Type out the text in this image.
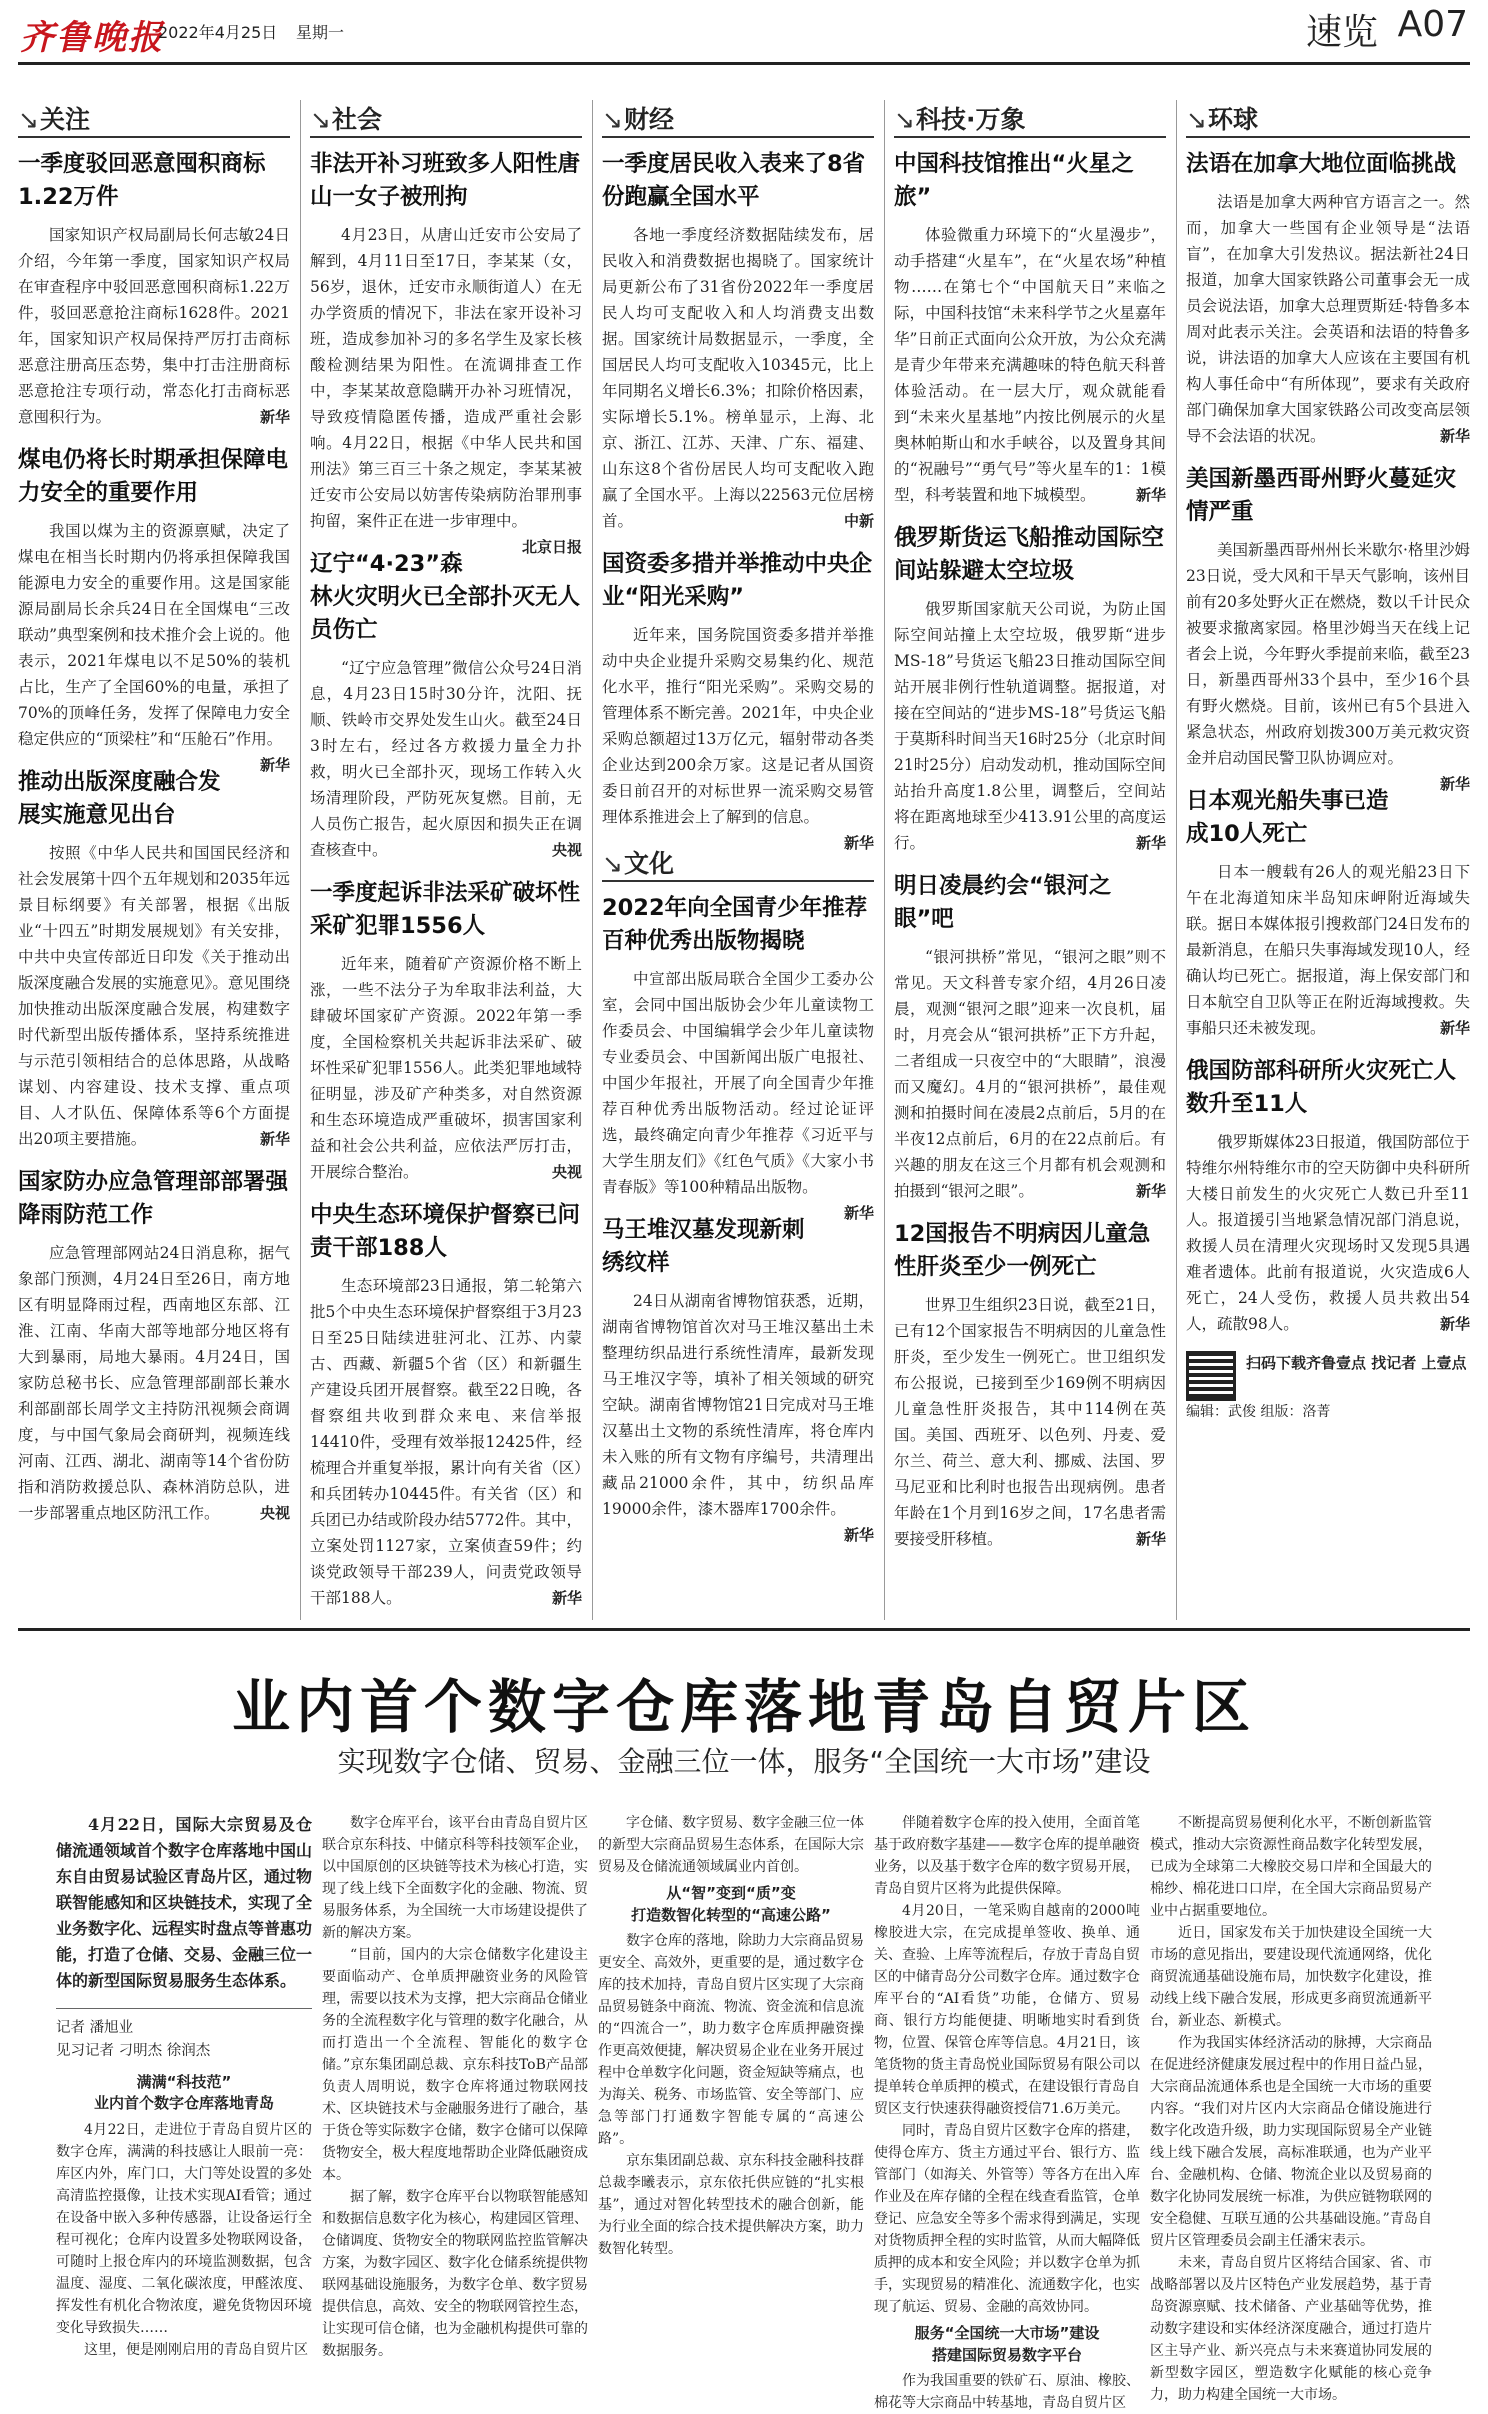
齐鲁晚报
2022年4月25日 星期一	速览 A07
↘关注
一季度驳回恶意囤积商标1.22万件

国家知识产权局副局长何志敏24日介绍，今年第一季度，国家知识产权局在审查程序中驳回恶意囤积商标1.22万件，驳回恶意抢注商标1628件。2021年，国家知识产权局保持严厉打击商标恶意注册高压态势，集中打击注册商标恶意抢注专项行动，常态化打击商标恶意囤积行为。	新华

煤电仍将长时期承担保障电力安全的重要作用

我国以煤为主的资源禀赋，决定了煤电在相当长时期内仍将承担保障我国能源电力安全的重要作用。这是国家能源局副局长余兵24日在全国煤电“三改联动”典型案例和技术推介会上说的。他表示，2021年煤电以不足50%的装机占比，生产了全国60%的电量，承担了70%的顶峰任务，发挥了保障电力安全稳定供应的“顶梁柱”和“压舱石”作用。
新华

推动出版深度融合发展实施意见出台

按照《中华人民共和国国民经济和社会发展第十四个五年规划和2035年远景目标纲要》有关部署，根据《出版业“十四五”时期发展规划》有关安排，中共中央宣传部近日印发《关于推动出版深度融合发展的实施意见》。意见围绕加快推动出版深度融合发展，构建数字时代新型出版传播体系，坚持系统推进与示范引领相结合的总体思路，从战略谋划、内容建设、技术支撑、重点项目、人才队伍、保障体系等6个方面提出20项主要措施。	新华

国家防办应急管理部部署强降雨防范工作

应急管理部网站24日消息称，据气象部门预测，4月24日至26日，南方地区有明显降雨过程，西南地区东部、江淮、江南、华南大部等地部分地区将有大到暴雨，局地大暴雨。4月24日，国家防总秘书长、应急管理部副部长兼水利部副部长周学文主持防汛视频会商调度，与中国气象局会商研判，视频连线河南、江西、湖北、湖南等14个省份防指和消防救援总队、森林消防总队，进一步部署重点地区防汛工作。	央视

↘社会
非法开补习班致多人阳性唐山一女子被刑拘

4月23日，从唐山迁安市公安局了解到，4月11日至17日，李某某（女，56岁，退休，迁安市永顺街道人）在无办学资质的情况下，非法在家开设补习班，造成参加补习的多名学生及家长核酸检测结果为阳性。在流调排查工作中，李某某故意隐瞒开办补习班情况，导致疫情隐匿传播，造成严重社会影响。4月22日，根据《中华人民共和国刑法》第三百三十条之规定，李某某被迁安市公安局以妨害传染病防治罪刑事拘留，案件正在进一步审理中。
北京日报

辽宁“4·23”森林火灾明火已全部扑灭无人员伤亡

“辽宁应急管理”微信公众号24日消息，4月23日15时30分许，沈阳、抚顺、铁岭市交界处发生山火。截至24日3时左右，经过各方救援力量全力扑救，明火已全部扑灭，现场工作转入火场清理阶段，严防死灰复燃。目前，无人员伤亡报告，起火原因和损失正在调查核查中。	央视

一季度起诉非法采矿破坏性采矿犯罪1556人

近年来，随着矿产资源价格不断上涨，一些不法分子为牟取非法利益，大肆破坏国家矿产资源。2022年第一季度，全国检察机关共起诉非法采矿、破坏性采矿犯罪1556人。此类犯罪地域特征明显，涉及矿产种类多，对自然资源和生态环境造成严重破坏，损害国家利益和社会公共利益，应依法严厉打击，开展综合整治。	央视

中央生态环境保护督察已问责干部188人

生态环境部23日通报，第二轮第六批5个中央生态环境保护督察组于3月23日至25日陆续进驻河北、江苏、内蒙古、西藏、新疆5个省（区）和新疆生产建设兵团开展督察。截至22日晚，各督察组共收到群众来电、来信举报14410件，受理有效举报12425件，经梳理合并重复举报，累计向有关省（区）和兵团转办10445件。有关省（区）和兵团已办结或阶段办结5772件。其中，立案处罚1127家，立案侦查59件；约谈党政领导干部239人，问责党政领导干部188人。	新华

↘财经
一季度居民收入表来了8省份跑赢全国水平

各地一季度经济数据陆续发布，居民收入和消费数据也揭晓了。国家统计局更新公布了31省份2022年一季度居民人均可支配收入和人均消费支出数据。国家统计局数据显示，一季度，全国居民人均可支配收入10345元，比上年同期名义增长6.3%；扣除价格因素，实际增长5.1%。榜单显示，上海、北京、浙江、江苏、天津、广东、福建、山东这8个省份居民人均可支配收入跑赢了全国水平。上海以22563元位居榜首。	中新

国资委多措并举推动中央企业“阳光采购”

近年来，国务院国资委多措并举推动中央企业提升采购交易集约化、规范化水平，推行“阳光采购”。采购交易的管理体系不断完善。2021年，中央企业采购总额超过13万亿元，辐射带动各类企业达到200余万家。这是记者从国资委日前召开的对标世界一流采购交易管理体系推进会上了解到的信息。
新华

↘文化
2022年向全国青少年推荐百种优秀出版物揭晓

中宣部出版局联合全国少工委办公室，会同中国出版协会少年儿童读物工作委员会、中国编辑学会少年儿童读物专业委员会、中国新闻出版广电报社、中国少年报社，开展了向全国青少年推荐百种优秀出版物活动。经过论证评选，最终确定向青少年推荐《习近平与大学生朋友们》《红色气质》《大家小书青春版》等100种精品出版物。
新华

马王堆汉墓发现新刺绣纹样

24日从湖南省博物馆获悉，近期，湖南省博物馆首次对马王堆汉墓出土未整理纺织品进行系统性清库，最新发现马王堆汉字等，填补了相关领域的研究空缺。湖南省博物馆21日完成对马王堆汉墓出土文物的系统性清库，将仓库内未入账的所有文物有序编号，共清理出藏品21000余件，其中，纺织品库19000余件，漆木器库1700余件。
新华

↘科技·万象
中国科技馆推出“火星之旅”

体验微重力环境下的“火星漫步”，动手搭建“火星车”，在“火星农场”种植物……在第七个“中国航天日”来临之际，中国科技馆“未来科学节之火星嘉年华”日前正式面向公众开放，为公众充满是青少年带来充满趣味的特色航天科普体验活动。在一层大厅，观众就能看到“未来火星基地”内按比例展示的火星奥林帕斯山和水手峡谷，以及置身其间的“祝融号”“勇气号”等火星车的1：1模型，科考装置和地下城模型。	新华

俄罗斯货运飞船推动国际空间站躲避太空垃圾

俄罗斯国家航天公司说，为防止国际空间站撞上太空垃圾，俄罗斯“进步MS-18”号货运飞船23日推动国际空间站开展非例行性轨道调整。据报道，对接在空间站的“进步MS-18”号货运飞船于莫斯科时间当天16时25分（北京时间21时25分）启动发动机，推动国际空间站抬升高度1.8公里，调整后，空间站将在距离地球至少413.91公里的高度运行。	新华

明日凌晨约会“银河之眼”吧

“银河拱桥”常见，“银河之眼”则不常见。天文科普专家介绍，4月26日凌晨，观测“银河之眼”迎来一次良机，届时，月亮会从“银河拱桥”正下方升起，二者组成一只夜空中的“大眼睛”，浪漫而又魔幻。4月的“银河拱桥”，最佳观测和拍摄时间在凌晨2点前后，5月的在半夜12点前后，6月的在22点前后。有兴趣的朋友在这三个月都有机会观测和拍摄到“银河之眼”。	新华

12国报告不明病因儿童急性肝炎至少一例死亡

世界卫生组织23日说，截至21日，已有12个国家报告不明病因的儿童急性肝炎，至少发生一例死亡。世卫组织发布公报说，已接到至少169例不明病因儿童急性肝炎报告，其中114例在英国。美国、西班牙、以色列、丹麦、爱尔兰、荷兰、意大利、挪威、法国、罗马尼亚和比利时也报告出现病例。患者年龄在1个月到16岁之间，17名患者需要接受肝移植。	新华

↘环球
法语在加拿大地位面临挑战

法语是加拿大两种官方语言之一。然而，加拿大一些国有企业领导是“法语盲”，在加拿大引发热议。据法新社24日报道，加拿大国家铁路公司董事会无一成员会说法语，加拿大总理贾斯廷·特鲁多本周对此表示关注。会英语和法语的特鲁多说，讲法语的加拿大人应该在主要国有机构人事任命中“有所体现”，要求有关政府部门确保加拿大国家铁路公司改变高层领导不会法语的状况。	新华

美国新墨西哥州野火蔓延灾情严重

美国新墨西哥州州长米歇尔·格里沙姆23日说，受大风和干旱天气影响，该州目前有20多处野火正在燃烧，数以千计民众被要求撤离家园。格里沙姆当天在线上记者会上说，今年野火季提前来临，截至23日，新墨西哥州33个县中，至少16个县有野火燃烧。目前，该州已有5个县进入紧急状态，州政府划拨300万美元救灾资金并启动国民警卫队协调应对。
新华

日本观光船失事已造成10人死亡

日本一艘载有26人的观光船23日下午在北海道知床半岛知床岬附近海域失联。据日本媒体报引搜救部门24日发布的最新消息，在船只失事海域发现10人，经确认均已死亡。据报道，海上保安部门和日本航空自卫队等正在附近海域搜救。失事船只还未被发现。	新华

俄国防部科研所火灾死亡人数升至11人

俄罗斯媒体23日报道，俄国防部位于特维尔州特维尔市的空天防御中央科研所大楼日前发生的火灾死亡人数已升至11人。报道援引当地紧急情况部门消息说，救援人员在清理火灾现场时又发现5具遇难者遗体。此前有报道说，火灾造成6人死亡，24人受伤，救援人员共救出54人，疏散98人。	新华

扫码下载齐鲁壹点 找记者 上壹点
编辑：武俊 组版：洛菁
业内首个数字仓库落地青岛自贸片区
实现数字仓储、贸易、金融三位一体，服务“全国统一大市场”建设

4月22日，国际大宗贸易及仓储流通领域首个数字仓库落地中国山东自由贸易试验区青岛片区，通过物联智能感知和区块链技术，实现了全业务数字化、远程实时盘点等普惠功能，打造了仓储、交易、金融三位一体的新型国际贸易服务生态体系。

记者 潘旭业
见习记者 刁明杰 徐润杰
满满“科技范”
业内首个数字仓库落地青岛

4月22日，走进位于青岛自贸片区的数字仓库，满满的科技感让人眼前一亮：库区内外，库门口，大门等处设置的多处高清监控摄像，让技术实现AI看管；通过在设备中嵌入多种传感器，让设备运行全程可视化；仓库内设置多处物联网设备，可随时上报仓库内的环境监测数据，包含温度、湿度、二氧化碳浓度，甲醛浓度、挥发性有机化合物浓度，避免货物因环境变化导致损失……

这里，便是刚刚启用的青岛自贸片区

数字仓库平台，该平台由青岛自贸片区联合京东科技、中储京科等科技领军企业，以中国原创的区块链等技术为核心打造，实现了线上线下全面数字化的金融、物流、贸易服务体系，为全国统一大市场建设提供了新的解决方案。

“目前，国内的大宗仓储数字化建设主要面临动产、仓单质押融资业务的风险管理，需要以技术为支撑，把大宗商品仓储业务的全流程数字化与管理的数字化融合，从而打造出一个全流程、智能化的数字仓储。”京东集团副总裁、京东科技ToB产品部负责人周明说，数字仓库将通过物联网技术、区块链技术与金融服务进行了融合，基于货仓等实际数字仓储，数字仓储可以保障货物安全，极大程度地帮助企业降低融资成本。

据了解，数字仓库平台以物联智能感知和数据信息数字化为核心，构建园区管理、仓储调度、货物安全的物联网监控监管解决方案，为数字园区、数字化仓储系统提供物联网基础设施服务，为数字仓单、数字贸易提供信息，高效、安全的物联网管控生态，让实现可信仓储，也为金融机构提供可靠的数据服务。

字仓储、数字贸易、数字金融三位一体的新型大宗商品贸易生态体系，在国际大宗贸易及仓储流通领域属业内首创。

从“智”变到“质”变
打造数智化转型的“高速公路”

数字仓库的落地，除助力大宗商品贸易更安全、高效外，更重要的是，通过数字仓库的技术加持，青岛自贸片区实现了大宗商品贸易链条中商流、物流、资金流和信息流的“四流合一”，助力数字仓库质押融资操作更高效便捷，解决贸易企业在业务开展过程中仓单数字化问题，资金短缺等痛点，也为海关、税务、市场监管、安全等部门、应急等部门打通数字智能专属的“高速公路”。

京东集团副总裁、京东科技金融科技群总裁李曦表示，京东依托供应链的“扎实根基”，通过对智化转型技术的融合创新，能为行业全面的综合技术提供解决方案，助力数智化转型。

伴随着数字仓库的投入使用，全面首笔基于政府数字基建——数字仓库的提单融资业务，以及基于数字仓库的数字贸易开展，青岛自贸片区将为此提供保障。

4月20日，一笔采购自越南的2000吨橡胶进大宗，在完成提单签收、换单、通关、查验、上库等流程后，存放于青岛自贸区的中储青岛分公司数字仓库。通过数字仓库平台的“AI看货”功能，仓储方、贸易商、银行方均能便捷、明晰地实时看到货物，位置、保管仓库等信息。4月21日，该笔货物的货主青岛悦业国际贸易有限公司以提单转仓单质押的模式，在建设银行青岛自贸区支行快速获得融资授信71.6万美元。

同时，青岛自贸片区数字仓库的搭建，使得仓库方、货主方通过平台、银行方、监管部门（如海关、外管等）等各方在出入库作业及在库存储的全程在线查看监管，仓单登记、应急安全等多个需求得到满足，实现对货物质押全程的实时监管，从而大幅降低质押的成本和安全风险；并以数字仓单为抓手，实现贸易的精准化、流通数字化，也实现了航运、贸易、金融的高效协同。

服务“全国统一大市场”建设
搭建国际贸易数字平台

作为我国重要的铁矿石、原油、橡胶、棉花等大宗商品中转基地，青岛自贸片区

不断提高贸易便利化水平，不断创新监管模式，推动大宗资源性商品数字化转型发展，已成为全球第二大橡胶交易口岸和全国最大的棉纱、棉花进口口岸，在全国大宗商品贸易产业中占据重要地位。

近日，国家发布关于加快建设全国统一大市场的意见指出，要建设现代流通网络，优化商贸流通基础设施布局，加快数字化建设，推动线上线下融合发展，形成更多商贸流通新平台，新业态、新模式。

作为我国实体经济活动的脉搏，大宗商品在促进经济健康发展过程中的作用日益凸显，大宗商品流通体系也是全国统一大市场的重要内容。“我们对片区内大宗商品仓储设施进行数字化改造升级，助力实现国际贸易全产业链线上线下融合发展，高标准联通，也为产业平台、金融机构、仓储、物流企业以及贸易商的数字化协同发展统一标准，为供应链物联网的安全稳健、互联互通的公共基础设施。”青岛自贸片区管理委员会副主任潘宋表示。

未来，青岛自贸片区将结合国家、省、市战略部署以及片区特色产业发展趋势，基于青岛资源禀赋、技术储备、产业基础等优势，推动数字建设和实体经济深度融合，通过打造片区主导产业、新兴亮点与未来赛道协同发展的新型数字园区，塑造数字化赋能的核心竞争力，助力构建全国统一大市场。
